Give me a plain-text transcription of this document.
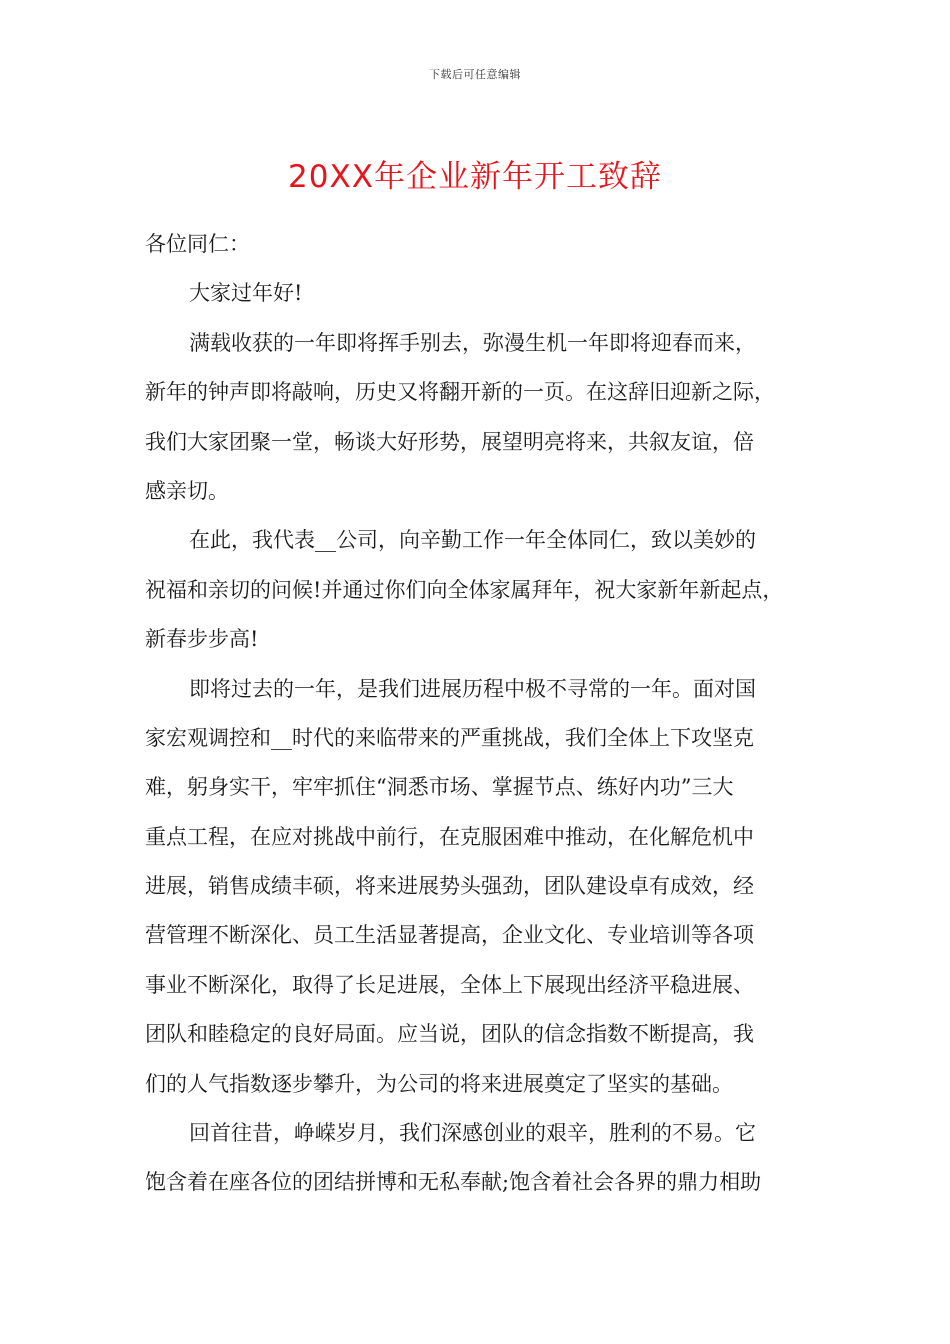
下载后可任意编辑
20XX年企业新年开工致辞
各位同仁：
大家过年好!
满载收获的一年即将挥手别去，弥漫生机一年即将迎春而来，
新年的钟声即将敲响，历史又将翻开新的一页。在这辞旧迎新之际，
我们大家团聚一堂，畅谈大好形势，展望明亮将来，共叙友谊，倍
感亲切。
在此，我代表__公司，向辛勤工作一年全体同仁，致以美妙的
祝福和亲切的问候!并通过你们向全体家属拜年，祝大家新年新起点，
新春步步高!
即将过去的一年，是我们进展历程中极不寻常的一年。面对国
家宏观调控和__时代的来临带来的严重挑战，我们全体上下攻坚克
难，躬身实干，牢牢抓住“洞悉市场、掌握节点、练好内功”三大
重点工程，在应对挑战中前行，在克服困难中推动，在化解危机中
进展，销售成绩丰硕，将来进展势头强劲，团队建设卓有成效，经
营管理不断深化、员工生活显著提高，企业文化、专业培训等各项
事业不断深化，取得了长足进展，全体上下展现出经济平稳进展、
团队和睦稳定的良好局面。应当说，团队的信念指数不断提高，我
们的人气指数逐步攀升，为公司的将来进展奠定了坚实的基础。
回首往昔，峥嵘岁月，我们深感创业的艰辛，胜利的不易。它
饱含着在座各位的团结拼博和无私奉献;饱含着社会各界的鼎力相助
